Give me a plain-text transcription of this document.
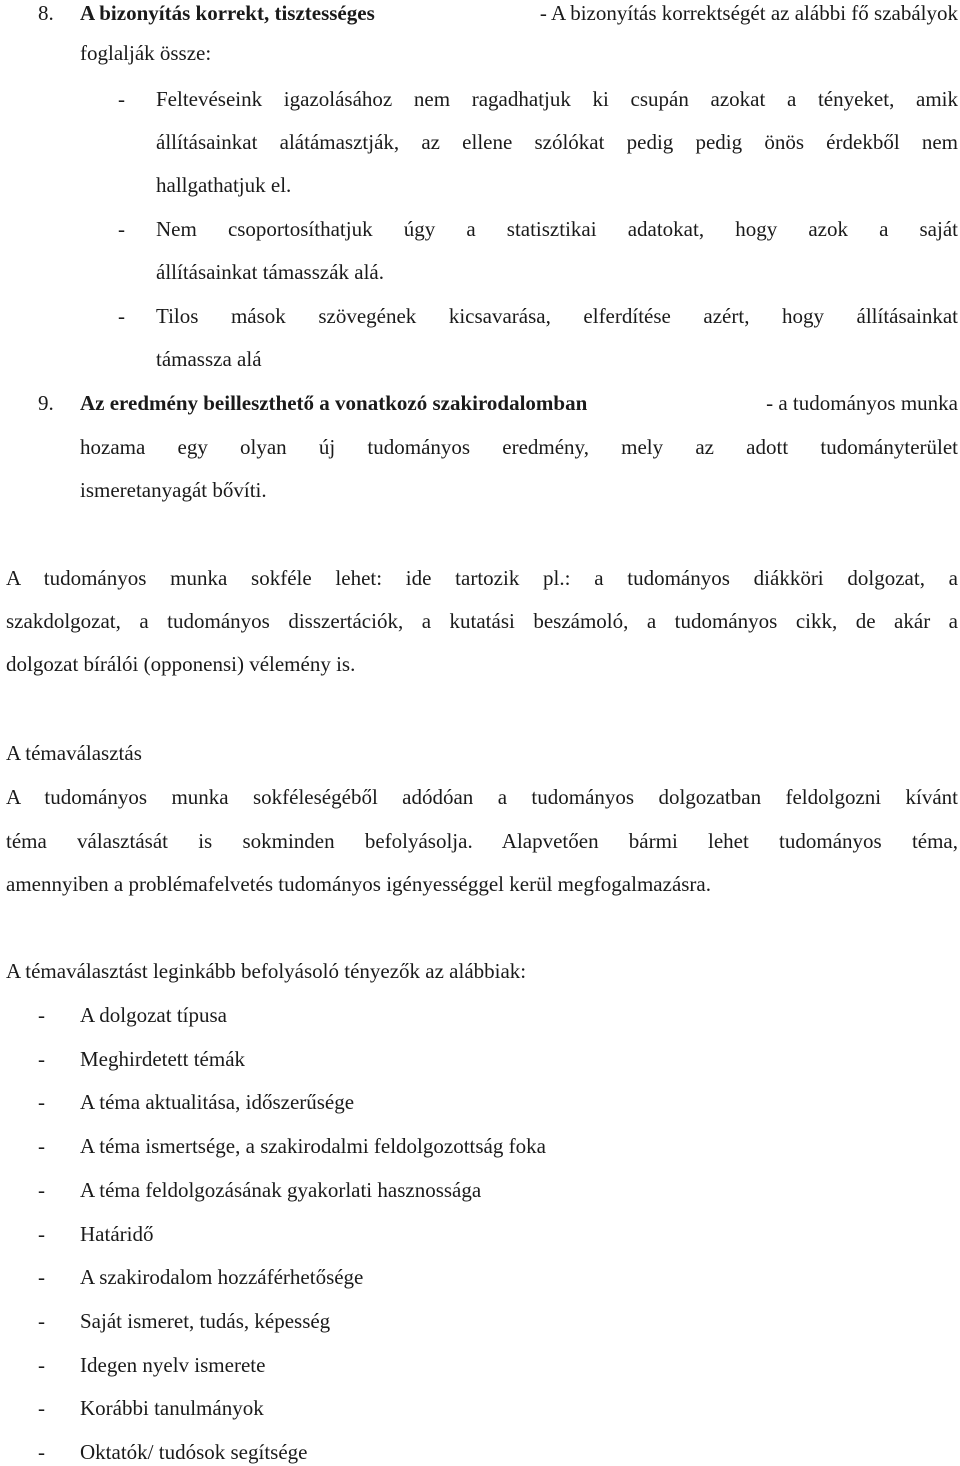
8. A bizonyítás korrekt, tisztességes	- A bizonyítás korrektségét az alábbi fő szabályok
foglalják össze:
- Feltevéseink igazolásához nem ragadhatjuk ki csupán azokat a tényeket, amik
állításainkat alátámasztják, az ellene szólókat pedig pedig önös érdekből nem
hallgathatjuk el.
- Nem csoportosíthatjuk úgy a statisztikai adatokat, hogy azok a saját
állításainkat támasszák alá.
- Tilos mások szövegének kicsavarása, elferdítése azért, hogy állításainkat
támassza alá
9. Az eredmény beilleszthető a vonatkozó szakirodalomban	- a tudományos munka
hozama egy olyan új tudományos eredmény, mely az adott tudományterület
ismeretanyagát bővíti.
A tudományos munka sokféle lehet: ide tartozik pl.: a tudományos diákköri dolgozat, a
szakdolgozat, a tudományos disszertációk, a kutatási beszámoló, a tudományos cikk, de akár a
dolgozat bírálói (opponensi) vélemény is.
A témaválasztás
A tudományos munka sokféleségéből adódóan a tudományos dolgozatban feldolgozni kívánt
téma választását is sokminden befolyásolja. Alapvetően bármi lehet tudományos téma,
amennyiben a problémafelvetés tudományos igényességgel kerül megfogalmazásra.
A témaválasztást leginkább befolyásoló tényezők az alábbiak:
- A dolgozat típusa
- Meghirdetett témák
- A téma aktualitása, időszerűsége
- A téma ismertsége, a szakirodalmi feldolgozottság foka
- A téma feldolgozásának gyakorlati hasznossága
- Határidő
- A szakirodalom hozzáférhetősége
- Saját ismeret, tudás, képesség
- Idegen nyelv ismerete
- Korábbi tanulmányok
- Oktatók/ tudósok segítsége
